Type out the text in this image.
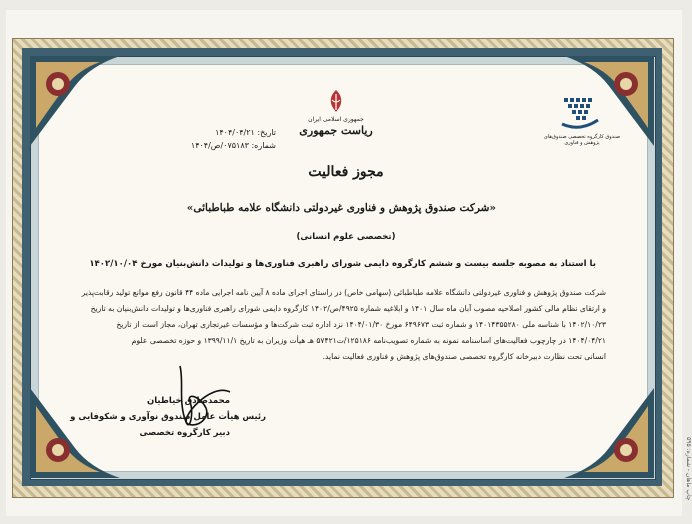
جمهوری اسلامی ایران
ریاست جمهوری
تاریخ: ۱۴۰۴/۰۴/۲۱
شماره: ۰۷۵۱۸۳/ص/۱۴۰۴
صندوق کارگروه تخصصی صندوق‌های پژوهش و فناوری
مجوز فعالیت
«شرکت صندوق پژوهش و فناوری غیردولتی دانشگاه علامه طباطبائی»
(تخصصی علوم انسانی)
با استناد به مصوبه جلسه بیست و ششم کارگروه دایمی شورای راهبری فناوری‌ها و تولیدات دانش‌بنیان مورخ ۱۴۰۲/۱۰/۰۴
شرکت صندوق پژوهش و فناوری غیردولتی دانشگاه علامه طباطبائی (سهامی خاص) در راستای اجرای ماده ۸ آیین نامه اجرایی ماده ۴۴ قانون رفع موانع تولید رقابت‌پذیر
و ارتقای نظام مالی کشور اصلاحیه مصوب آبان ماه سال ۱۴۰۱ و ابلاغیه شماره ۴۹۲۵/ص/۱۴۰۲ کارگروه دایمی شورای راهبری فناوری‌ها و تولیدات دانش‌بنیان به تاریخ
۱۴۰۲/۱۰/۲۳ با شناسه ملی ۱۴۰۱۴۳۵۵۲۸۰ و شماره ثبت ۶۴۹۶۷۳ مورخ ۱۴۰۴/۰۱/۳۰ نزد اداره ثبت شرکت‌ها و مؤسسات غیرتجاری تهران، مجاز است از تاریخ
۱۴۰۴/۰۴/۲۱ در چارچوب فعالیت‌های اساسنامه نمونه به شماره تصویب‌نامه ۱۲۵۱۸۶/ت۵۷۴۲۱ هـ هیأت وزیران به تاریخ ۱۳۹۹/۱۱/۱ و حوزه تخصصی علوم
انسانی تحت نظارت دبیرخانه کارگروه تخصصی صندوق‌های پژوهش و فناوری فعالیت نماید.
محمدصادق خیاطیان
رئیس هیأت عامل صندوق نوآوری و شکوفایی و
دبیر کارگروه تخصصی
چاپ ماهان - شماره: ۵۹۵
